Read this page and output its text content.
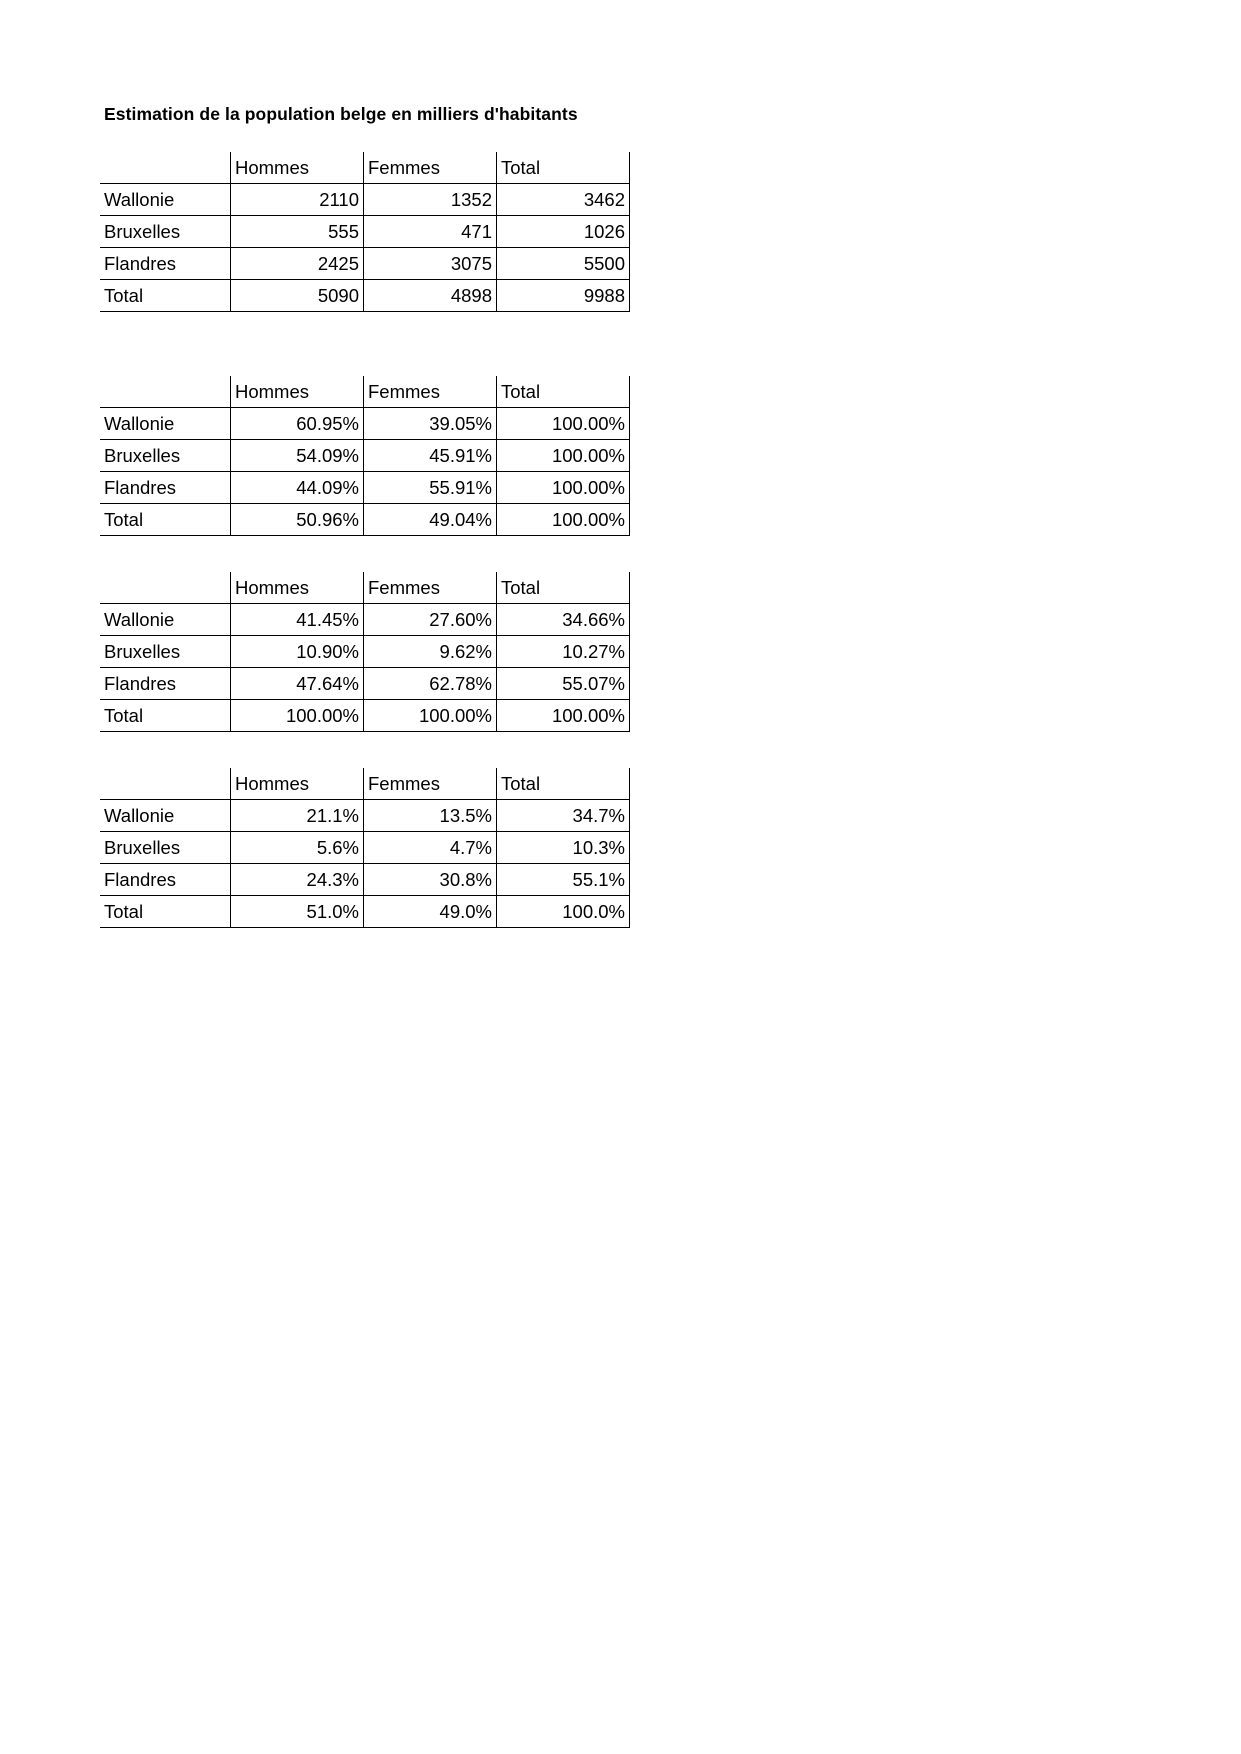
Estimation de la population belge en milliers d'habitants
	Hommes	Femmes	Total
Wallonie	2110	1352	3462
Bruxelles	555	471	1026
Flandres	2425	3075	5500
Total	5090	4898	9988
	Hommes	Femmes	Total
Wallonie	60.95%	39.05%	100.00%
Bruxelles	54.09%	45.91%	100.00%
Flandres	44.09%	55.91%	100.00%
Total	50.96%	49.04%	100.00%
	Hommes	Femmes	Total
Wallonie	41.45%	27.60%	34.66%
Bruxelles	10.90%	9.62%	10.27%
Flandres	47.64%	62.78%	55.07%
Total	100.00%	100.00%	100.00%
	Hommes	Femmes	Total
Wallonie	21.1%	13.5%	34.7%
Bruxelles	5.6%	4.7%	10.3%
Flandres	24.3%	30.8%	55.1%
Total	51.0%	49.0%	100.0%
